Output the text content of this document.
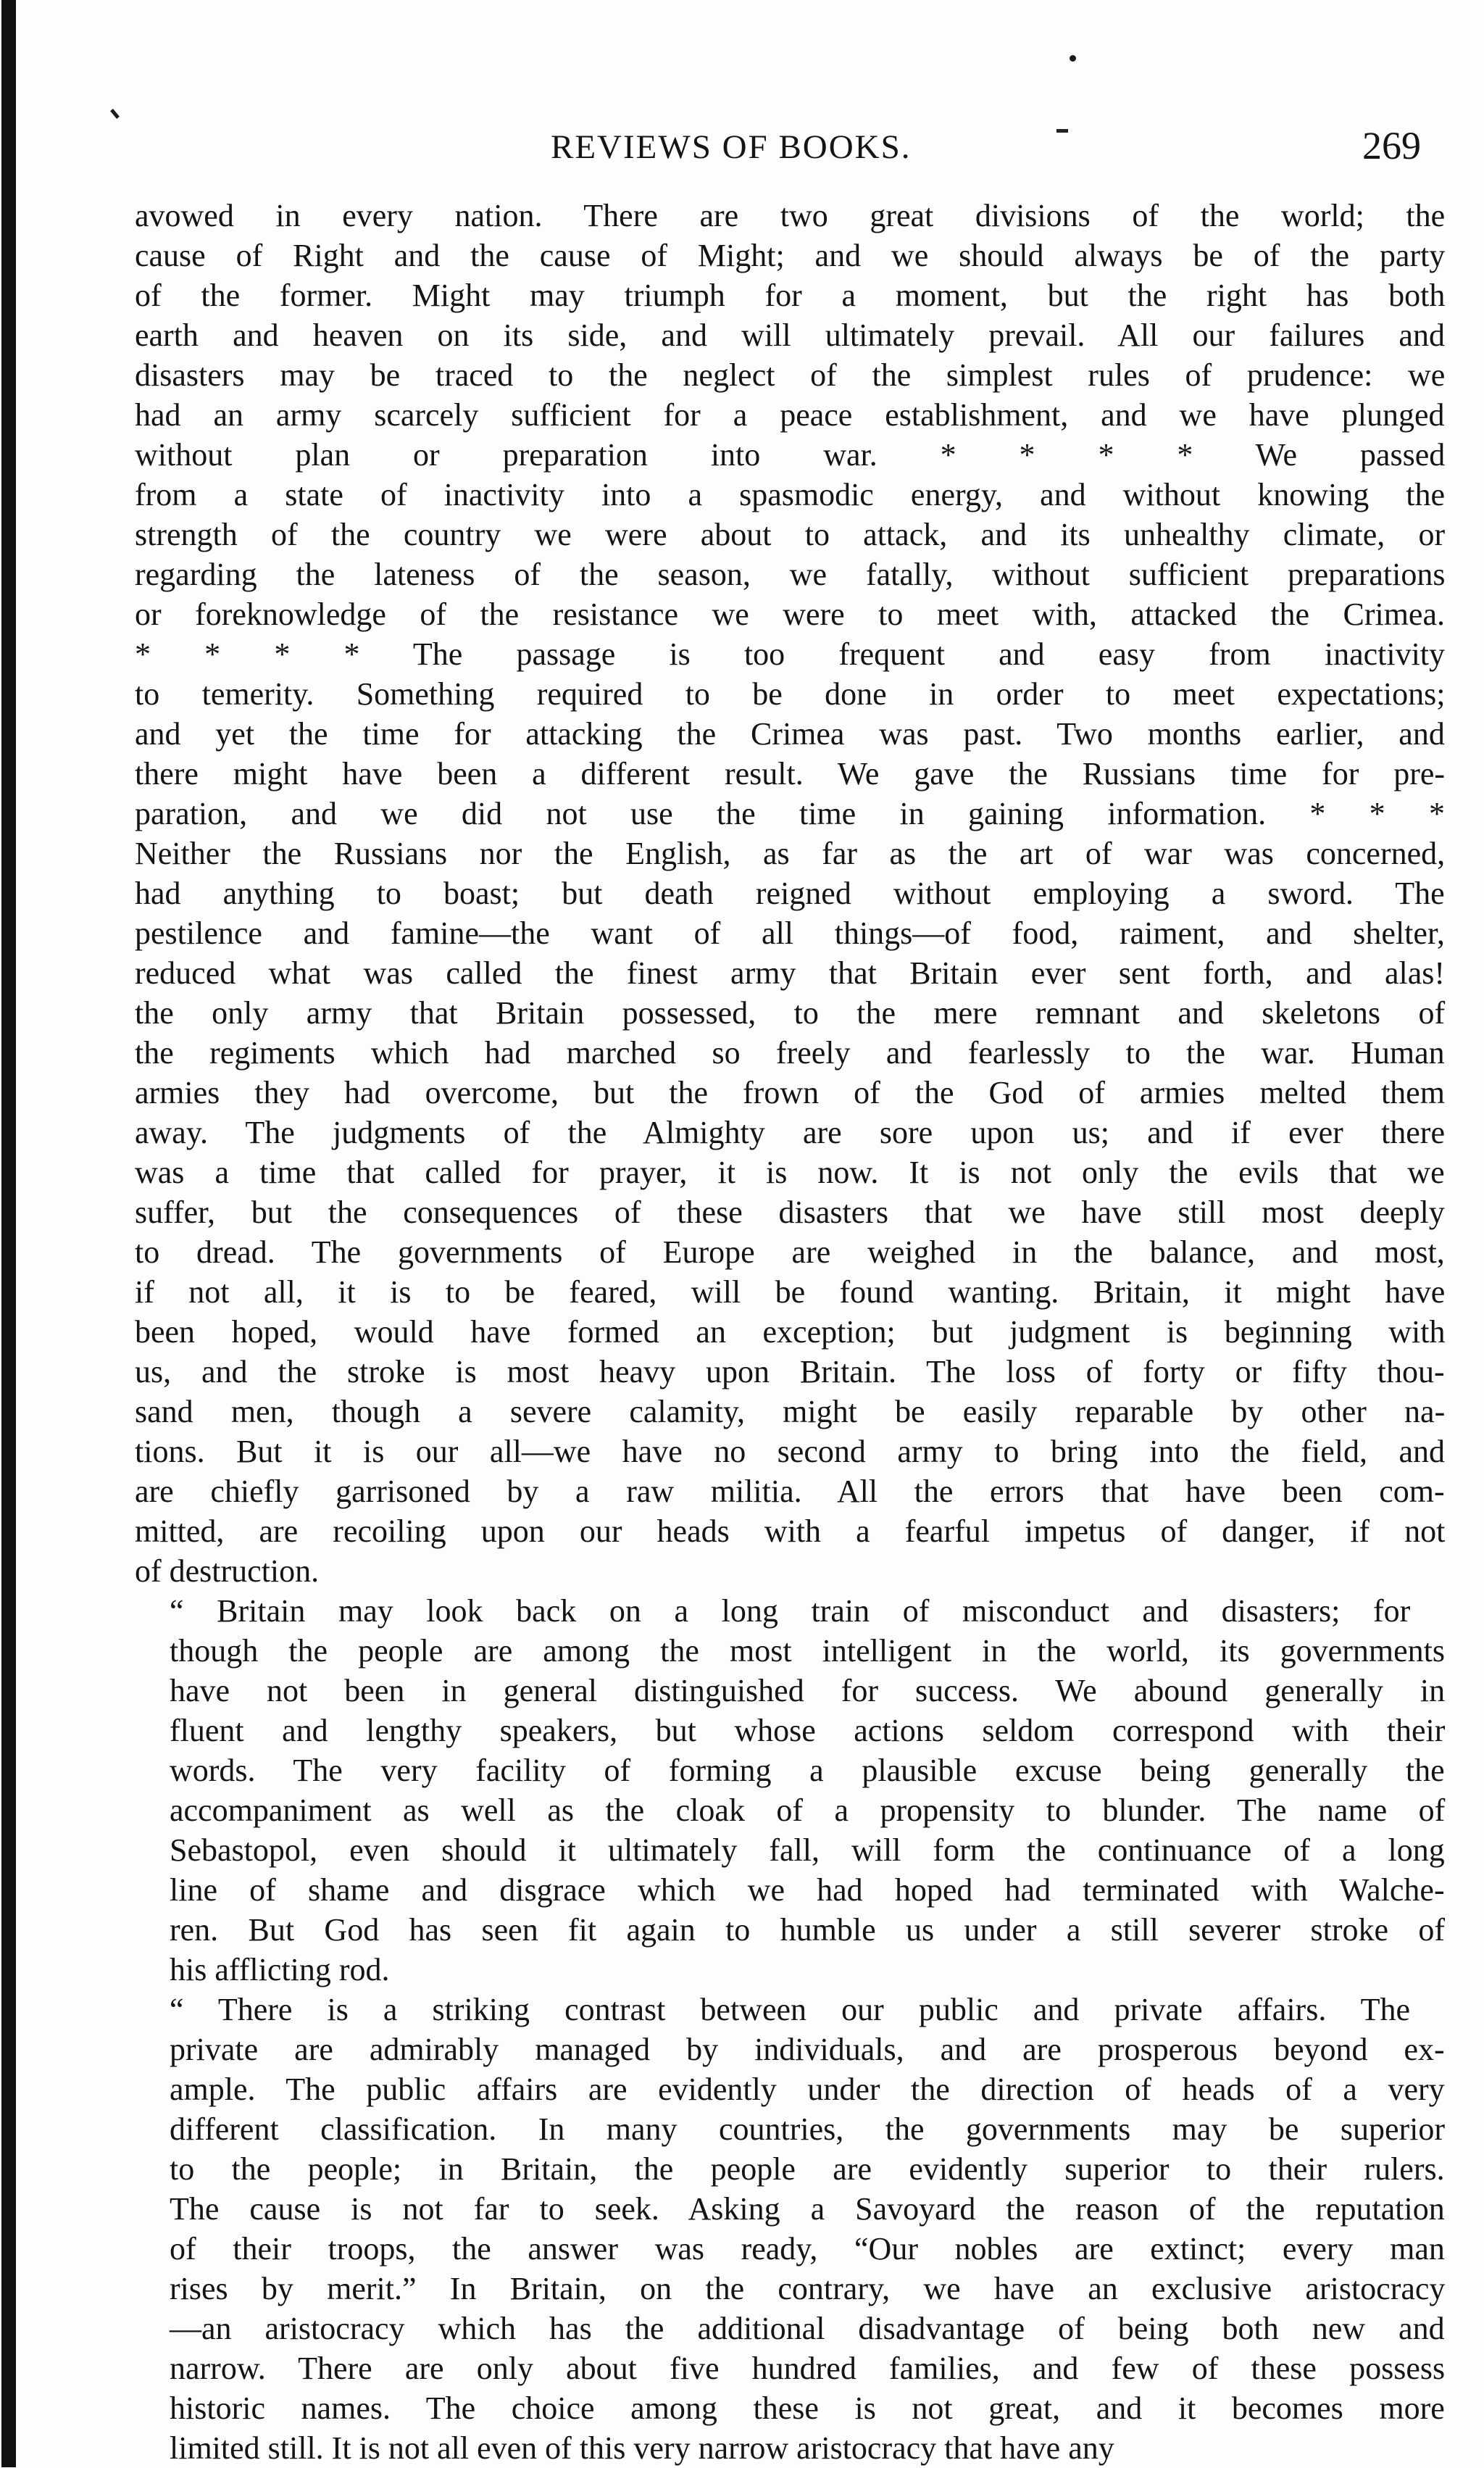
REVIEWS OF BOOKS.	269

avowed in every nation. There are two great divisions of the world; the
cause of Right and the cause of Might; and we should always be of the party
of the former. Might may triumph for a moment, but the right has both
earth and heaven on its side, and will ultimately prevail. All our failures and
disasters may be traced to the neglect of the simplest rules of prudence: we
had an army scarcely sufficient for a peace establishment, and we have plunged
without plan or preparation into war. * * * * We passed
from a state of inactivity into a spasmodic energy, and without knowing the
strength of the country we were about to attack, and its unhealthy climate, or
regarding the lateness of the season, we fatally, without sufficient preparations
or foreknowledge of the resistance we were to meet with, attacked the Crimea.
* * * * The passage is too frequent and easy from inactivity
to temerity. Something required to be done in order to meet expectations;
and yet the time for attacking the Crimea was past. Two months earlier, and
there might have been a different result. We gave the Russians time for pre-
paration, and we did not use the time in gaining information. * * *
Neither the Russians nor the English, as far as the art of war was concerned,
had anything to boast; but death reigned without employing a sword. The
pestilence and famine—the want of all things—of food, raiment, and shelter,
reduced what was called the finest army that Britain ever sent forth, and alas!
the only army that Britain possessed, to the mere remnant and skeletons of
the regiments which had marched so freely and fearlessly to the war. Human
armies they had overcome, but the frown of the God of armies melted them
away. The judgments of the Almighty are sore upon us; and if ever there
was a time that called for prayer, it is now. It is not only the evils that we
suffer, but the consequences of these disasters that we have still most deeply
to dread. The governments of Europe are weighed in the balance, and most,
if not all, it is to be feared, will be found wanting. Britain, it might have
been hoped, would have formed an exception; but judgment is beginning with
us, and the stroke is most heavy upon Britain. The loss of forty or fifty thou-
sand men, though a severe calamity, might be easily reparable by other na-
tions. But it is our all—we have no second army to bring into the field, and
are chiefly garrisoned by a raw militia. All the errors that have been com-
mitted, are recoiling upon our heads with a fearful impetus of danger, if not
of destruction.

“ Britain may look back on a long train of misconduct and disasters; for
though the people are among the most intelligent in the world, its governments
have not been in general distinguished for success. We abound generally in
fluent and lengthy speakers, but whose actions seldom correspond with their
words. The very facility of forming a plausible excuse being generally the
accompaniment as well as the cloak of a propensity to blunder. The name of
Sebastopol, even should it ultimately fall, will form the continuance of a long
line of shame and disgrace which we had hoped had terminated with Walche-
ren. But God has seen fit again to humble us under a still severer stroke of
his afflicting rod.

“ There is a striking contrast between our public and private affairs. The
private are admirably managed by individuals, and are prosperous beyond ex-
ample. The public affairs are evidently under the direction of heads of a very
different classification. In many countries, the governments may be superior
to the people; in Britain, the people are evidently superior to their rulers.
The cause is not far to seek. Asking a Savoyard the reason of the reputation
of their troops, the answer was ready, “Our nobles are extinct; every man
rises by merit.” In Britain, on the contrary, we have an exclusive aristocracy
—an aristocracy which has the additional disadvantage of being both new and
narrow. There are only about five hundred families, and few of these possess
historic names. The choice among these is not great, and it becomes more
limited still. It is not all even of this very narrow aristocracy that have any
